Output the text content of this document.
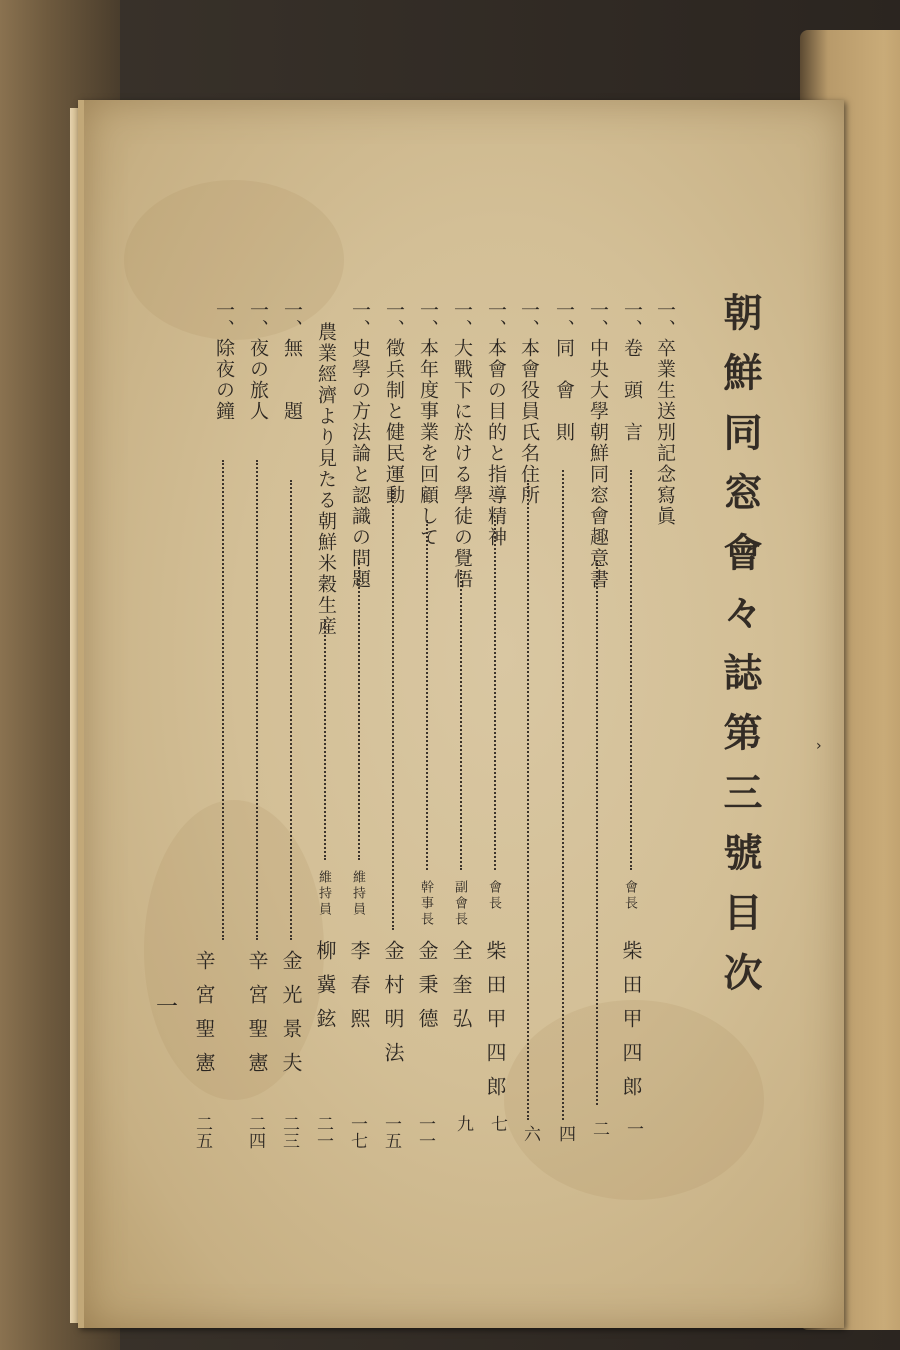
朝鮮同窓會々誌第三號目次
一、卒業生送別記念寫眞
一、卷　頭　言
會長
柴田甲四郎
一
一、中央大學朝鮮同窓會趣意書
二
一、同　會　則
四
一、本會役員氏名住所
六
一、本會の目的と指導精神
會長
柴田甲四郎
七
一、大戰下に於ける學徒の覺悟
副會長
全奎弘
九
一、本年度事業を回顧して
幹事長
金秉德
一一
一、徵兵制と健民運動
金村明法
一五
一、史學の方法論と認識の問題
維持員
李春熙
一七
農業經濟より見たる朝鮮米穀生産
維持員
柳冀鉉
二一
一、無　　題
金光景夫
二三
一、夜の旅人
辛宮聖憲
二四
一、除夜の鐘
辛宮聖憲
二五
一
›
